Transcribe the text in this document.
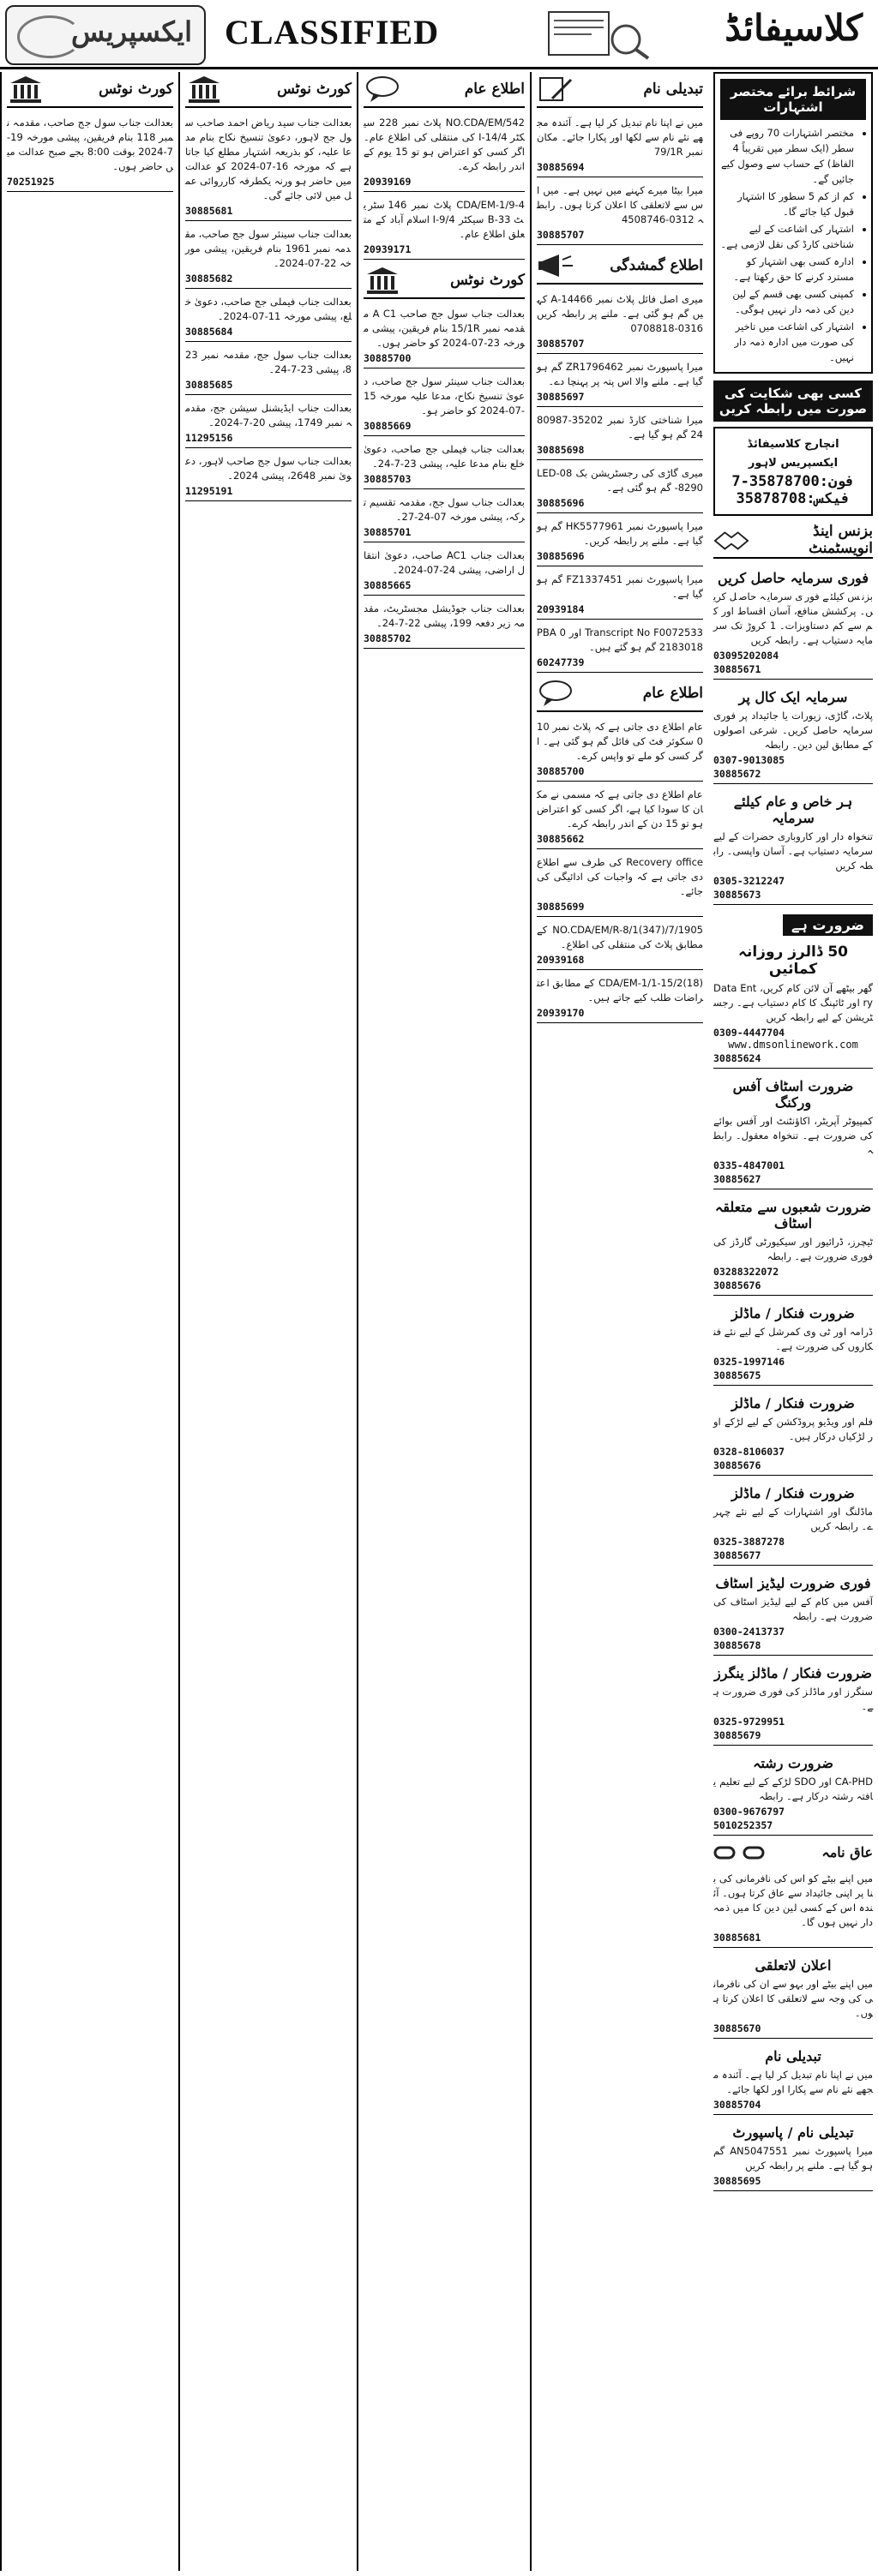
ایکسپریس CLASSIFIED	کلاسیفائڈ
شرائط برائے مختصر اشتہارات
• مختصر اشتہارات 70 روپے فی سطر (ایک سطر میں تقریباً 4 الفاظ) کے حساب سے وصول کیے جائیں گے۔
• کم از کم 5 سطور کا اشتہار قبول کیا جائے گا۔
• اشتہار کی اشاعت کے لیے شناختی کارڈ کی نقل لازمی ہے۔
• ادارہ کسی بھی اشتہار کو مسترد کرنے کا حق رکھتا ہے۔
• کمپنی کسی بھی قسم کے لین دین کی ذمہ دار نہیں ہوگی۔
• اشتہار کی اشاعت میں تاخیر کی صورت میں ادارہ ذمہ دار نہیں۔
کسی بھی شکایت کی صورت میں رابطہ کریں
انچارج کلاسیفائڈ ایکسپریس لاہور
فون:35878700-7
فیکس:35878708
بزنس اینڈ انویسٹمنٹ
فوری سرمایہ حاصل کریں

بزنس کیلئے فوری سرمایہ حاصل کریں۔ پرکشش منافع، آسان اقساط اور کم سے کم دستاویزات۔ 1 کروڑ تک سرمایہ دستیاب ہے۔ رابطہ کریں

03095202084
30885671
سرمایہ ایک کال پر

پلاٹ، گاڑی، زیورات یا جائیداد پر فوری سرمایہ حاصل کریں۔ شرعی اصولوں کے مطابق لین دین۔ رابطہ

0307-9013085
30885672
ہر خاص و عام کیلئے سرمایہ

تنخواہ دار اور کاروباری حضرات کے لیے سرمایہ دستیاب ہے۔ آسان واپسی۔ رابطہ کریں

0305-3212247
30885673
ضرورت ہے
50 ڈالرز روزانہ کمائیں

گھر بیٹھے آن لائن کام کریں، Data Entry اور ٹائپنگ کا کام دستیاب ہے۔ رجسٹریشن کے لیے رابطہ کریں

0309-4447704
www.dmsonlinework.com
30885624
ضرورت اسٹاف آفس ورکنگ

کمپیوٹر آپریٹر، اکاؤنٹنٹ اور آفس بوائے کی ضرورت ہے۔ تنخواہ معقول۔ رابطہ

0335-4847001
30885627
ضرورت شعبوں سے متعلقہ اسٹاف

ٹیچرز، ڈرائیور اور سیکیورٹی گارڈز کی فوری ضرورت ہے۔ رابطہ

03288322072
30885676
ضرورت فنکار / ماڈلز

ڈرامہ اور ٹی وی کمرشل کے لیے نئے فنکاروں کی ضرورت ہے۔

0325-1997146
30885675
ضرورت فنکار / ماڈلز

فلم اور ویڈیو پروڈکشن کے لیے لڑکے اور لڑکیاں درکار ہیں۔

0328-8106037
30885676
ضرورت فنکار / ماڈلز

ماڈلنگ اور اشتہارات کے لیے نئے چہرے۔ رابطہ کریں

0325-3887278
30885677
فوری ضرورت لیڈیز اسٹاف

آفس میں کام کے لیے لیڈیز اسٹاف کی ضرورت ہے۔ رابطہ

0300-2413737
30885678
ضرورت فنکار / ماڈلز ینگرز

سنگرز اور ماڈلز کی فوری ضرورت ہے۔

0325-9729951
30885679
ضرورت رشتہ

CA-PHD اور SDO لڑکے کے لیے تعلیم یافتہ رشتہ درکار ہے۔ رابطہ

0300-9676797
5010252357
عاق نامہ

میں اپنے بیٹے کو اس کی نافرمانی کی بنا پر اپنی جائیداد سے عاق کرتا ہوں۔ آئندہ اس کے کسی لین دین کا میں ذمہ دار نہیں ہوں گا۔

30885681
اعلان لاتعلقی

میں اپنے بیٹے اور بہو سے ان کی نافرمانی کی وجہ سے لاتعلقی کا اعلان کرتا ہوں۔

30885670
تبدیلی نام

میں نے اپنا نام تبدیل کر لیا ہے۔ آئندہ مجھے نئے نام سے پکارا اور لکھا جائے۔

30885704
تبدیلی نام / پاسپورٹ

میرا پاسپورٹ نمبر AN5047551 گم ہو گیا ہے۔ ملنے پر رابطہ کریں

30885695
تبدیلی نام

میں نے اپنا نام تبدیل کر لیا ہے۔ آئندہ مجھے نئے نام سے لکھا اور پکارا جائے۔ مکان نمبر 79/1R

30885694

میرا بیٹا میرے کہنے میں نہیں ہے۔ میں اس سے لاتعلقی کا اعلان کرتا ہوں۔ رابطہ 0312-4508746

30885707
اطلاع گمشدگی

میری اصل فائل پلاٹ نمبر 14466-A کہیں گم ہو گئی ہے۔ ملنے پر رابطہ کریں 0316-0708818

30885707

میرا پاسپورٹ نمبر ZR1796462 گم ہو گیا ہے۔ ملنے والا اس پتہ پر پہنچا دے۔

30885697

میرا شناختی کارڈ نمبر 35202-8098724 گم ہو گیا ہے۔

30885698

میری گاڑی کی رجسٹریشن بک LED-08-8290 گم ہو گئی ہے۔

30885696

میرا پاسپورٹ نمبر HK5577961 گم ہو گیا ہے۔ ملنے پر رابطہ کریں۔

30885696

میرا پاسپورٹ نمبر FZ1337451 گم ہو گیا ہے۔

20939184

Transcript No F0072533 اور PBA 02183018 گم ہو گئے ہیں۔

60247739
اطلاع عام

عام اطلاع دی جاتی ہے کہ پلاٹ نمبر 100 سکوئر فٹ کی فائل گم ہو گئی ہے۔ اگر کسی کو ملے تو واپس کرے۔

30885700

عام اطلاع دی جاتی ہے کہ مسمی نے مکان کا سودا کیا ہے، اگر کسی کو اعتراض ہو تو 15 دن کے اندر رابطہ کرے۔

30885662

Recovery office کی طرف سے اطلاع دی جاتی ہے کہ واجبات کی ادائیگی کی جائے۔

30885699

NO.CDA/EM/R-8/1(347)/7/1905 کے مطابق پلاٹ کی منتقلی کی اطلاع۔

20939168

CDA/EM-1/1-15/2(18) کے مطابق اعتراضات طلب کیے جاتے ہیں۔

20939170
اطلاع عام

NO.CDA/EM/542 پلاٹ نمبر 228 سیکٹر I-14/4 کی منتقلی کی اطلاع عام۔ اگر کسی کو اعتراض ہو تو 15 یوم کے اندر رابطہ کرے۔

20939169

CDA/EM-1/9-4 پلاٹ نمبر 146 سٹریٹ 33-B سیکٹر I-9/4 اسلام آباد کے متعلق اطلاع عام۔

20939171
کورٹ نوٹس

بعدالت جناب سول جج صاحب A C1 مقدمہ نمبر 15/1R بنام فریقین، پیشی مورخہ 23-07-2024 کو حاضر ہوں۔

30885700

بعدالت جناب سینئر سول جج صاحب، دعویٰ تنسیخ نکاح، مدعا علیہ مورخہ 15-07-2024 کو حاضر ہو۔

30885669

بعدالت جناب فیملی جج صاحب، دعویٰ خلع بنام مدعا علیہ، پیشی 23-7-24۔

30885703

بعدالت جناب سول جج، مقدمہ تقسیم ترکہ، پیشی مورخہ 07-24-27۔

30885701

بعدالت جناب AC1 صاحب، دعویٰ انتقال اراضی، پیشی 24-07-2024۔

30885665

بعدالت جناب جوڈیشل مجسٹریٹ، مقدمہ زیر دفعہ 199، پیشی 22-7-24۔

30885702
کورٹ نوٹس

بعدالت جناب سید ریاض احمد صاحب سول جج لاہور، دعویٰ تنسیخ نکاح بنام مدعا علیہ، کو بذریعہ اشتہار مطلع کیا جاتا ہے کہ مورخہ 16-07-2024 کو عدالت میں حاضر ہو ورنہ یکطرفہ کارروائی عمل میں لائی جائے گی۔

30885681

بعدالت جناب سینئر سول جج صاحب، مقدمہ نمبر 1961 بنام فریقین، پیشی مورخہ 22-07-2024۔

30885682

بعدالت جناب فیملی جج صاحب، دعویٰ خلع، پیشی مورخہ 11-07-2024۔

30885684

بعدالت جناب سول جج، مقدمہ نمبر 238، پیشی 23-7-24۔

30885685

بعدالت جناب ایڈیشنل سیشن جج، مقدمہ نمبر 1749، پیشی 20-7-2024۔

11295156

بعدالت جناب سول جج صاحب لاہور، دعویٰ نمبر 2648، پیشی 2024۔

11295191
کورٹ نوٹس

بعدالت جناب سول جج صاحب، مقدمہ نمبر 118 بنام فریقین، پیشی مورخہ 19-7-2024 بوقت 8:00 بجے صبح عدالت میں حاضر ہوں۔

70251925
